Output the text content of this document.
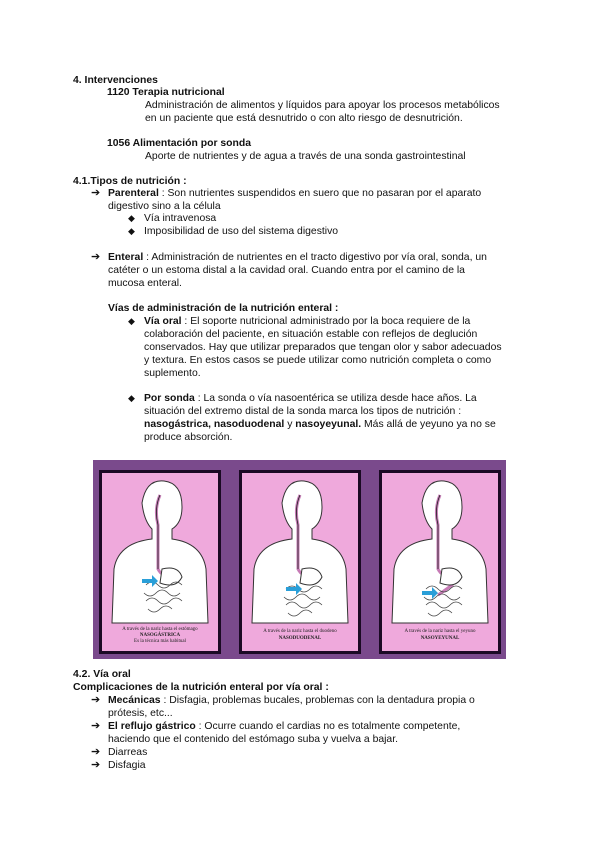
4. Intervenciones
1120 Terapia nutricional
Administración de alimentos y líquidos para apoyar los procesos metabólicos
en un paciente que está desnutrido o con alto riesgo de desnutrición.
1056 Alimentación por sonda
Aporte de nutrientes y de agua a través de una sonda gastrointestinal
4.1.Tipos de nutrición :
➔ Parenteral : Son nutrientes suspendidos en suero que no pasaran por el aparato
digestivo sino a la célula
◆ Vía intravenosa
◆ Imposibilidad de uso del sistema digestivo
➔ Enteral : Administración de nutrientes en el tracto digestivo por vía oral, sonda, un
catéter o un estoma distal a la cavidad oral. Cuando entra por el camino de la
mucosa enteral.
Vías de administración de la nutrición enteral :
◆ Vía oral : El soporte nutricional administrado por la boca requiere de la
colaboración del paciente, en situación estable con reflejos de deglución
conservados. Hay que utilizar preparados que tengan olor y sabor adecuados
y textura. En estos casos se puede utilizar como nutrición completa o como
suplemento.
◆ Por sonda : La sonda o vía nasoentérica se utiliza desde hace años. La
situación del extremo distal de la sonda marca los tipos de nutrición :
nasogástrica, nasoduodenal y nasoyeyunal. Más allá de yeyuno ya no se
produce absorción.
A través de la nariz hasta el estómago
NASOGÁSTRICA
Es la técnica más habitual
A través de la nariz hasta el duodeno
NASODUODENAL
A través de la nariz hasta el yeyuno
NASOYEYUNAL
4.2. Vía oral
Complicaciones de la nutrición enteral por vía oral :
➔ Mecánicas : Disfagia, problemas bucales, problemas con la dentadura propia o
prótesis, etc...
➔ El reflujo gástrico : Ocurre cuando el cardias no es totalmente competente,
haciendo que el contenido del estómago suba y vuelva a bajar.
➔ Diarreas
➔ Disfagia
